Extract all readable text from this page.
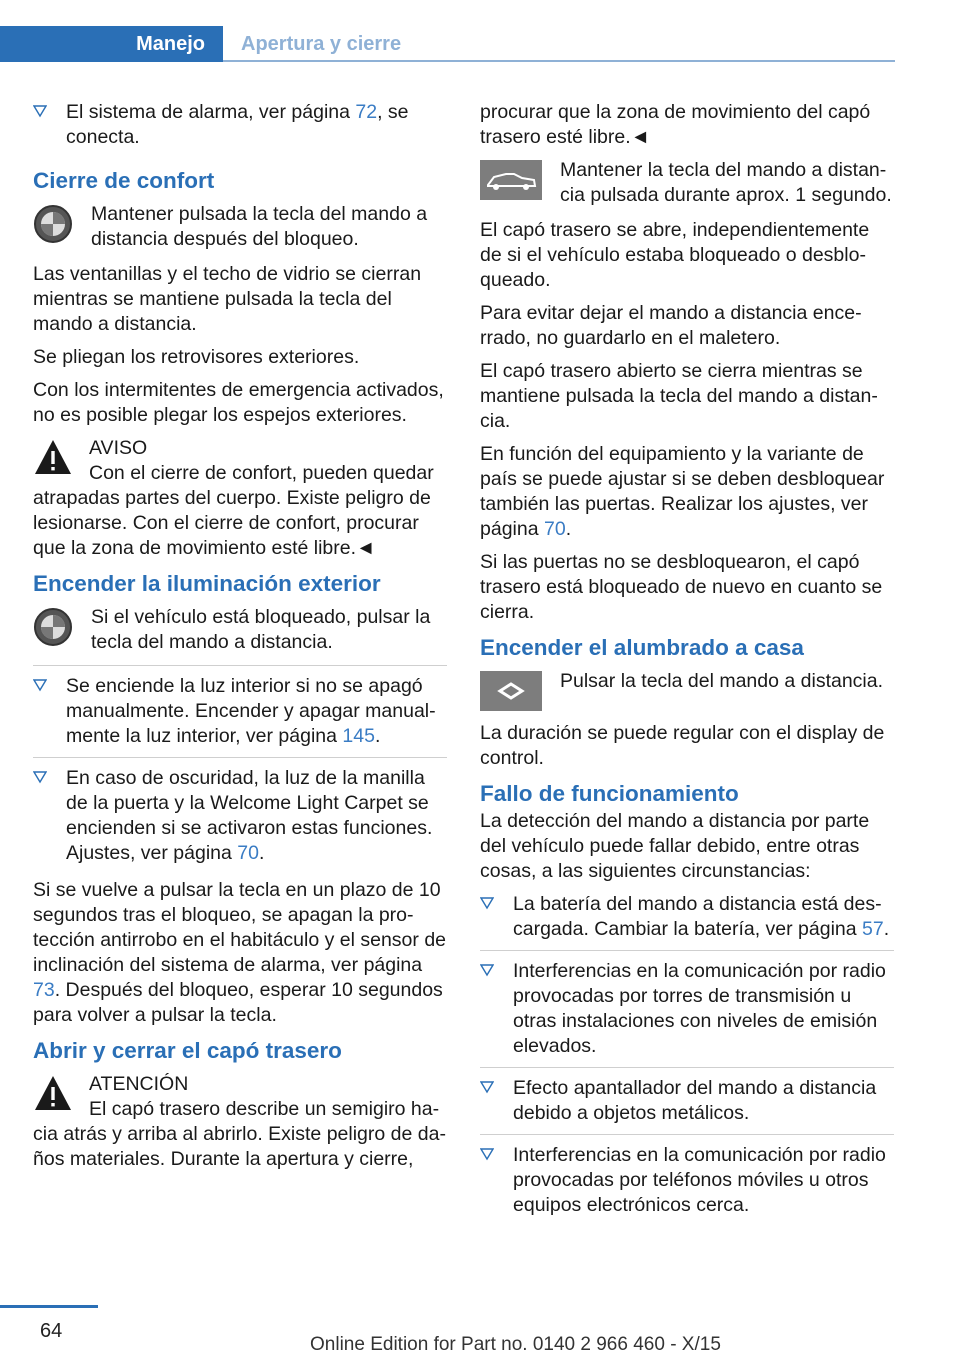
Manejo	Apertura y cierre
El sistema de alarma, ver página 72, se conecta.
Cierre de confort
Mantener pulsada la tecla del mando a distancia después del bloqueo.

Las ventanillas y el techo de vidrio se cierran mientras se mantiene pulsada la tecla del mando a distancia.

Se pliegan los retrovisores exteriores.

Con los intermitentes de emergencia activados, no es posible plegar los espejos exteriores.

AVISO
Con el cierre de confort, pueden quedar atrapadas partes del cuerpo. Existe peligro de lesionarse. Con el cierre de confort, procurar que la zona de movimiento esté libre.◄
Encender la iluminación exterior
Si el vehículo está bloqueado, pulsar la tecla del mando a distancia.
Se enciende la luz interior si no se apagó manualmente. Encender y apagar manualmente la luz interior, ver página 145.
En caso de oscuridad, la luz de la manilla de la puerta y la Welcome Light Carpet se encienden si se activaron estas funciones. Ajustes, ver página 70.

Si se vuelve a pulsar la tecla en un plazo de 10 segundos tras el bloqueo, se apagan la protección antirrobo en el habitáculo y el sensor de inclinación del sistema de alarma, ver página 73. Después del bloqueo, esperar 10 segundos para volver a pulsar la tecla.

Abrir y cerrar el capó trasero
ATENCIÓN
El capó trasero describe un semigiro hacia atrás y arriba al abrirlo. Existe peligro de daños materiales. Durante la apertura y cierre,

procurar que la zona de movimiento del capó trasero esté libre.◄

Mantener la tecla del mando a distancia pulsada durante aprox. 1 segundo.

El capó trasero se abre, independientemente de si el vehículo estaba bloqueado o desbloqueado.

Para evitar dejar el mando a distancia encerrado, no guardarlo en el maletero.

El capó trasero abierto se cierra mientras se mantiene pulsada la tecla del mando a distancia.

En función del equipamiento y la variante de país se puede ajustar si se deben desbloquear también las puertas. Realizar los ajustes, ver página 70.

Si las puertas no se desbloquearon, el capó trasero está bloqueado de nuevo en cuanto se cierra.

Encender el alumbrado a casa
Pulsar la tecla del mando a distancia.

La duración se puede regular con el display de control.

Fallo de funcionamiento

La detección del mando a distancia por parte del vehículo puede fallar debido, entre otras cosas, a las siguientes circunstancias:

La batería del mando a distancia está descargada. Cambiar la batería, ver página 57.
Interferencias en la comunicación por radio provocadas por torres de transmisión u otras instalaciones con niveles de emisión elevados.
Efecto apantallador del mando a distancia debido a objetos metálicos.
Interferencias en la comunicación por radio provocadas por teléfonos móviles u otros equipos electrónicos cerca.
64
Online Edition for Part no. 0140 2 966 460 - X/15
